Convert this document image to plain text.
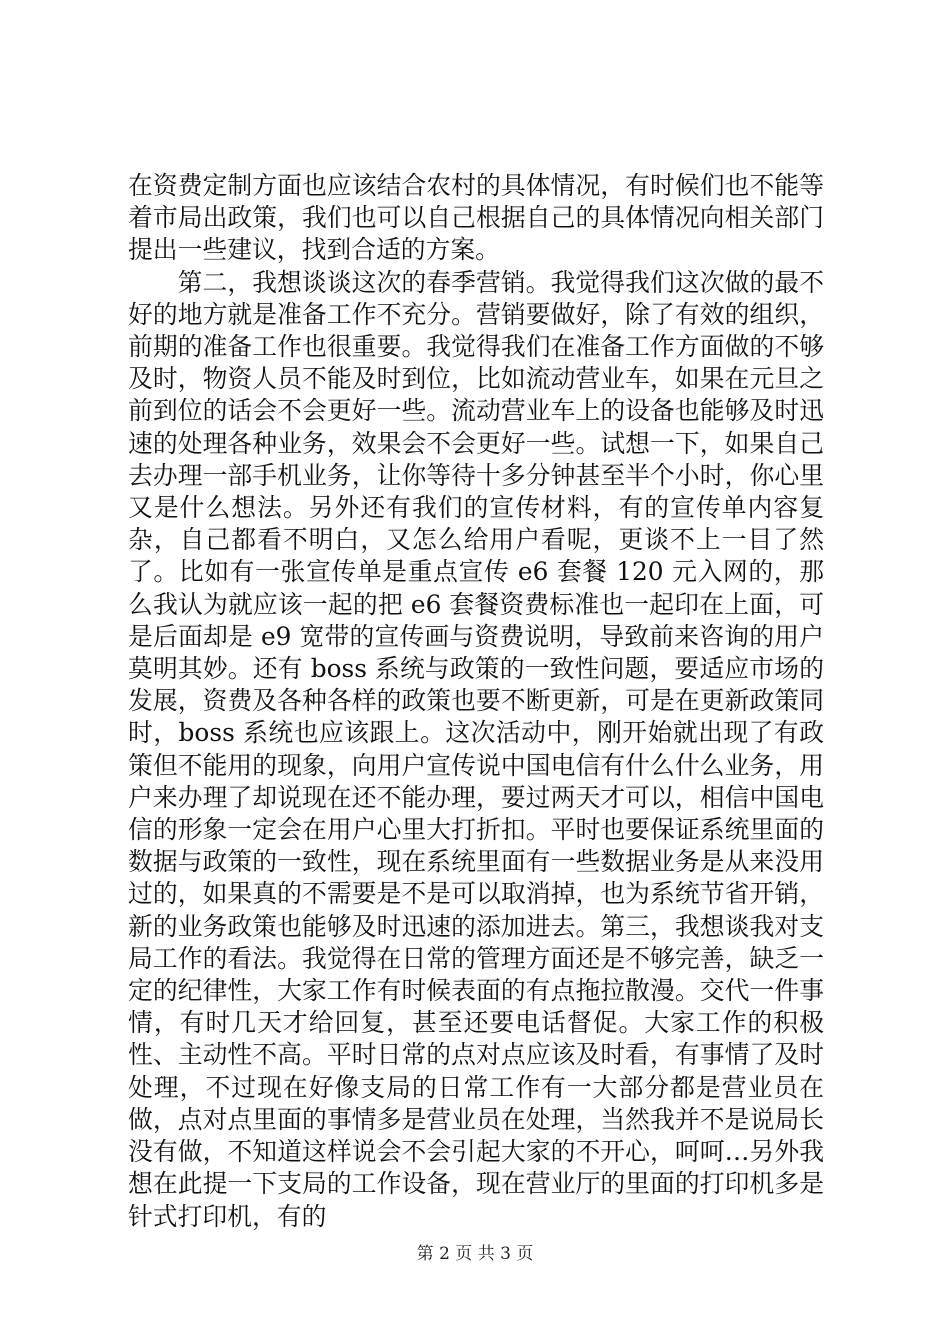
在资费定制方面也应该结合农村的具体情况，有时候们也不能等着市局出政策，我们也可以自己根据自己的具体情况向相关部门提出一些建议，找到合适的方案。

第二，我想谈谈这次的春季营销。我觉得我们这次做的最不好的地方就是准备工作不充分。营销要做好，除了有效的组织，前期的准备工作也很重要。我觉得我们在准备工作方面做的不够及时，物资人员不能及时到位，比如流动营业车，如果在元旦之前到位的话会不会更好一些。流动营业车上的设备也能够及时迅速的处理各种业务，效果会不会更好一些。试想一下，如果自己去办理一部手机业务，让你等待十多分钟甚至半个小时，你心里又是什么想法。另外还有我们的宣传材料，有的宣传单内容复杂，自己都看不明白，又怎么给用户看呢，更谈不上一目了然了。比如有一张宣传单是重点宣传 e6 套餐 120 元入网的，那么我认为就应该一起的把 e6 套餐资费标准也一起印在上面，可是后面却是 e9 宽带的宣传画与资费说明，导致前来咨询的用户莫明其妙。还有 boss 系统与政策的一致性问题，要适应市场的发展，资费及各种各样的政策也要不断更新，可是在更新政策同时，boss 系统也应该跟上。这次活动中，刚开始就出现了有政策但不能用的现象，向用户宣传说中国电信有什么什么业务，用户来办理了却说现在还不能办理，要过两天才可以，相信中国电信的形象一定会在用户心里大打折扣。平时也要保证系统里面的数据与政策的一致性，现在系统里面有一些数据业务是从来没用过的，如果真的不需要是不是可以取消掉，也为系统节省开销，新的业务政策也能够及时迅速的添加进去。第三，我想谈我对支局工作的看法。我觉得在日常的管理方面还是不够完善，缺乏一定的纪律性，大家工作有时候表面的有点拖拉散漫。交代一件事情，有时几天才给回复，甚至还要电话督促。大家工作的积极性、主动性不高。平时日常的点对点应该及时看，有事情了及时处理，不过现在好像支局的日常工作有一大部分都是营业员在做，点对点里面的事情多是营业员在处理，当然我并不是说局长没有做，不知道这样说会不会引起大家的不开心，呵呵…另外我想在此提一下支局的工作设备，现在营业厅的里面的打印机多是针式打印机，有的

第 2 页 共 3 页
